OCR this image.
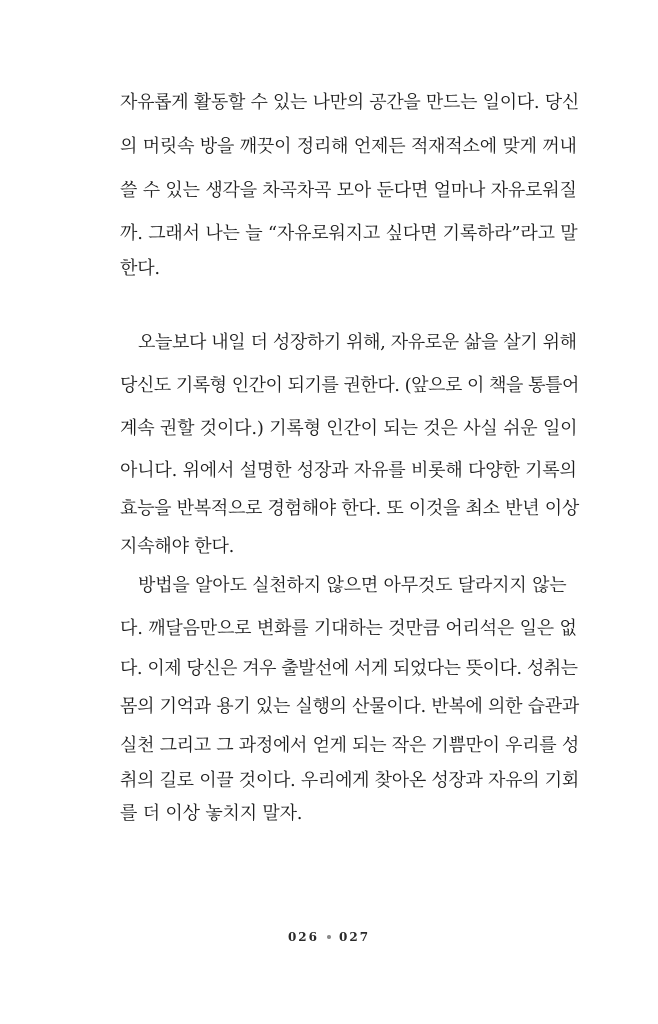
자유롭게 활동할 수 있는 나만의 공간을 만드는 일이다. 당신
의 머릿속 방을 깨끗이 정리해 언제든 적재적소에 맞게 꺼내
쓸 수 있는 생각을 차곡차곡 모아 둔다면 얼마나 자유로워질
까. 그래서 나는 늘 “자유로워지고 싶다면 기록하라”라고 말
한다.
오늘보다 내일 더 성장하기 위해, 자유로운 삶을 살기 위해
당신도 기록형 인간이 되기를 권한다. (앞으로 이 책을 통틀어
계속 권할 것이다.) 기록형 인간이 되는 것은 사실 쉬운 일이
아니다. 위에서 설명한 성장과 자유를 비롯해 다양한 기록의
효능을 반복적으로 경험해야 한다. 또 이것을 최소 반년 이상
지속해야 한다.
방법을 알아도 실천하지 않으면 아무것도 달라지지 않는
다. 깨달음만으로 변화를 기대하는 것만큼 어리석은 일은 없
다. 이제 당신은 겨우 출발선에 서게 되었다는 뜻이다. 성취는
몸의 기억과 용기 있는 실행의 산물이다. 반복에 의한 습관과
실천 그리고 그 과정에서 얻게 되는 작은 기쁨만이 우리를 성
취의 길로 이끌 것이다. 우리에게 찾아온 성장과 자유의 기회
를 더 이상 놓치지 말자.
026 027
